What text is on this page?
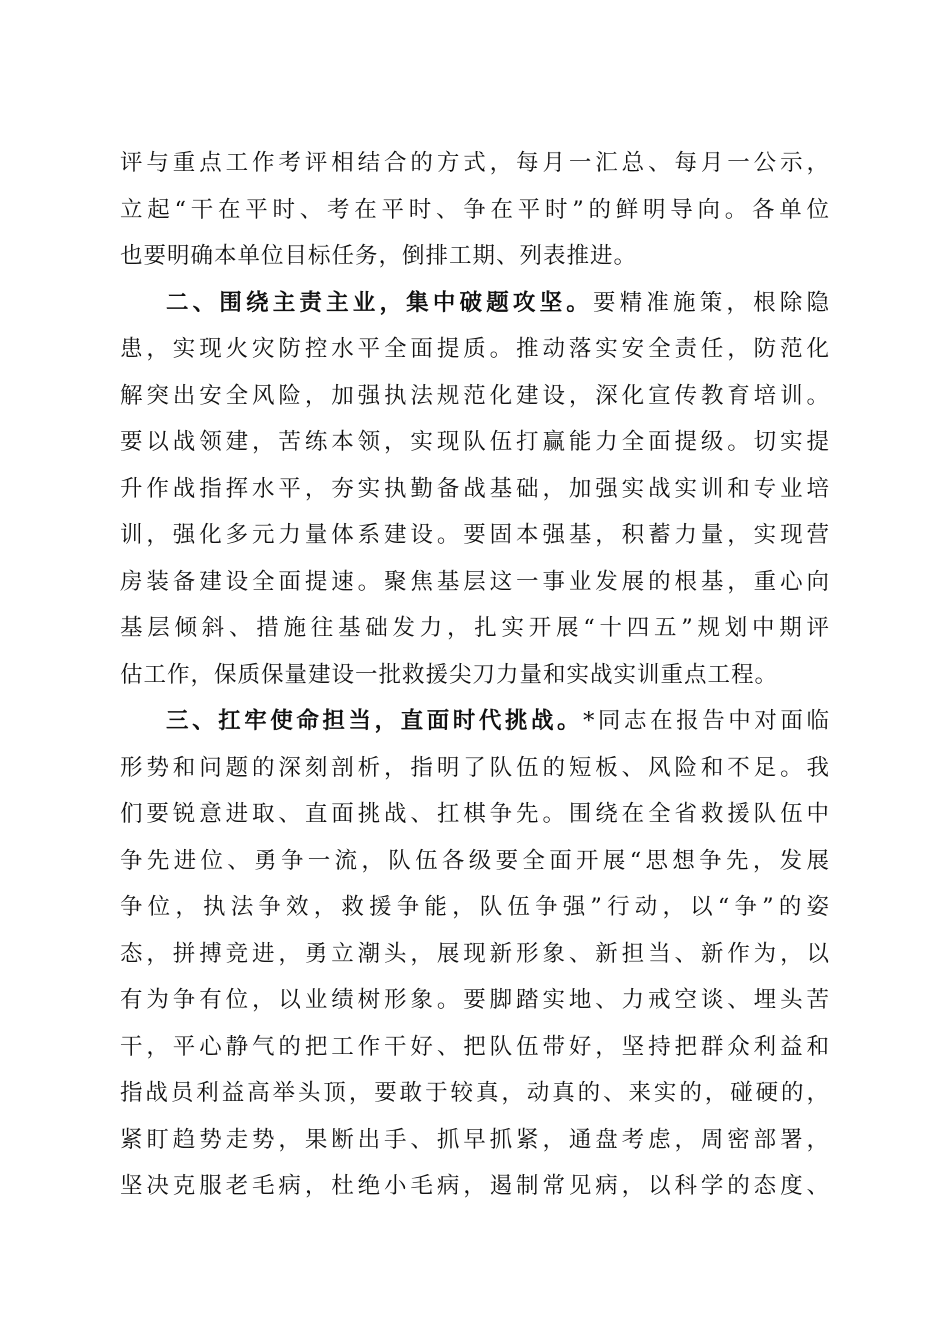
评与重点工作考评相结合的方式，每月一汇总、每月一公示，
立起“干在平时、考在平时、争在平时”的鲜明导向。各单位
也要明确本单位目标任务，倒排工期、列表推进。
二、围绕主责主业，集中破题攻坚。要精准施策，根除隐
患，实现火灾防控水平全面提质。推动落实安全责任，防范化
解突出安全风险，加强执法规范化建设，深化宣传教育培训。
要以战领建，苦练本领，实现队伍打赢能力全面提级。切实提
升作战指挥水平，夯实执勤备战基础，加强实战实训和专业培
训，强化多元力量体系建设。要固本强基，积蓄力量，实现营
房装备建设全面提速。聚焦基层这一事业发展的根基，重心向
基层倾斜、措施往基础发力，扎实开展“十四五”规划中期评
估工作，保质保量建设一批救援尖刀力量和实战实训重点工程。
三、扛牢使命担当，直面时代挑战。*同志在报告中对面临
形势和问题的深刻剖析，指明了队伍的短板、风险和不足。我
们要锐意进取、直面挑战、扛棋争先。围绕在全省救援队伍中
争先进位、勇争一流，队伍各级要全面开展“思想争先，发展
争位，执法争效，救援争能，队伍争强”行动，以“争”的姿
态，拼搏竞进，勇立潮头，展现新形象、新担当、新作为，以
有为争有位，以业绩树形象。要脚踏实地、力戒空谈、埋头苦
干，平心静气的把工作干好、把队伍带好，坚持把群众利益和
指战员利益高举头顶，要敢于较真，动真的、来实的，碰硬的，
紧盯趋势走势，果断出手、抓早抓紧，通盘考虑，周密部署，
坚决克服老毛病，杜绝小毛病，遏制常见病，以科学的态度、
